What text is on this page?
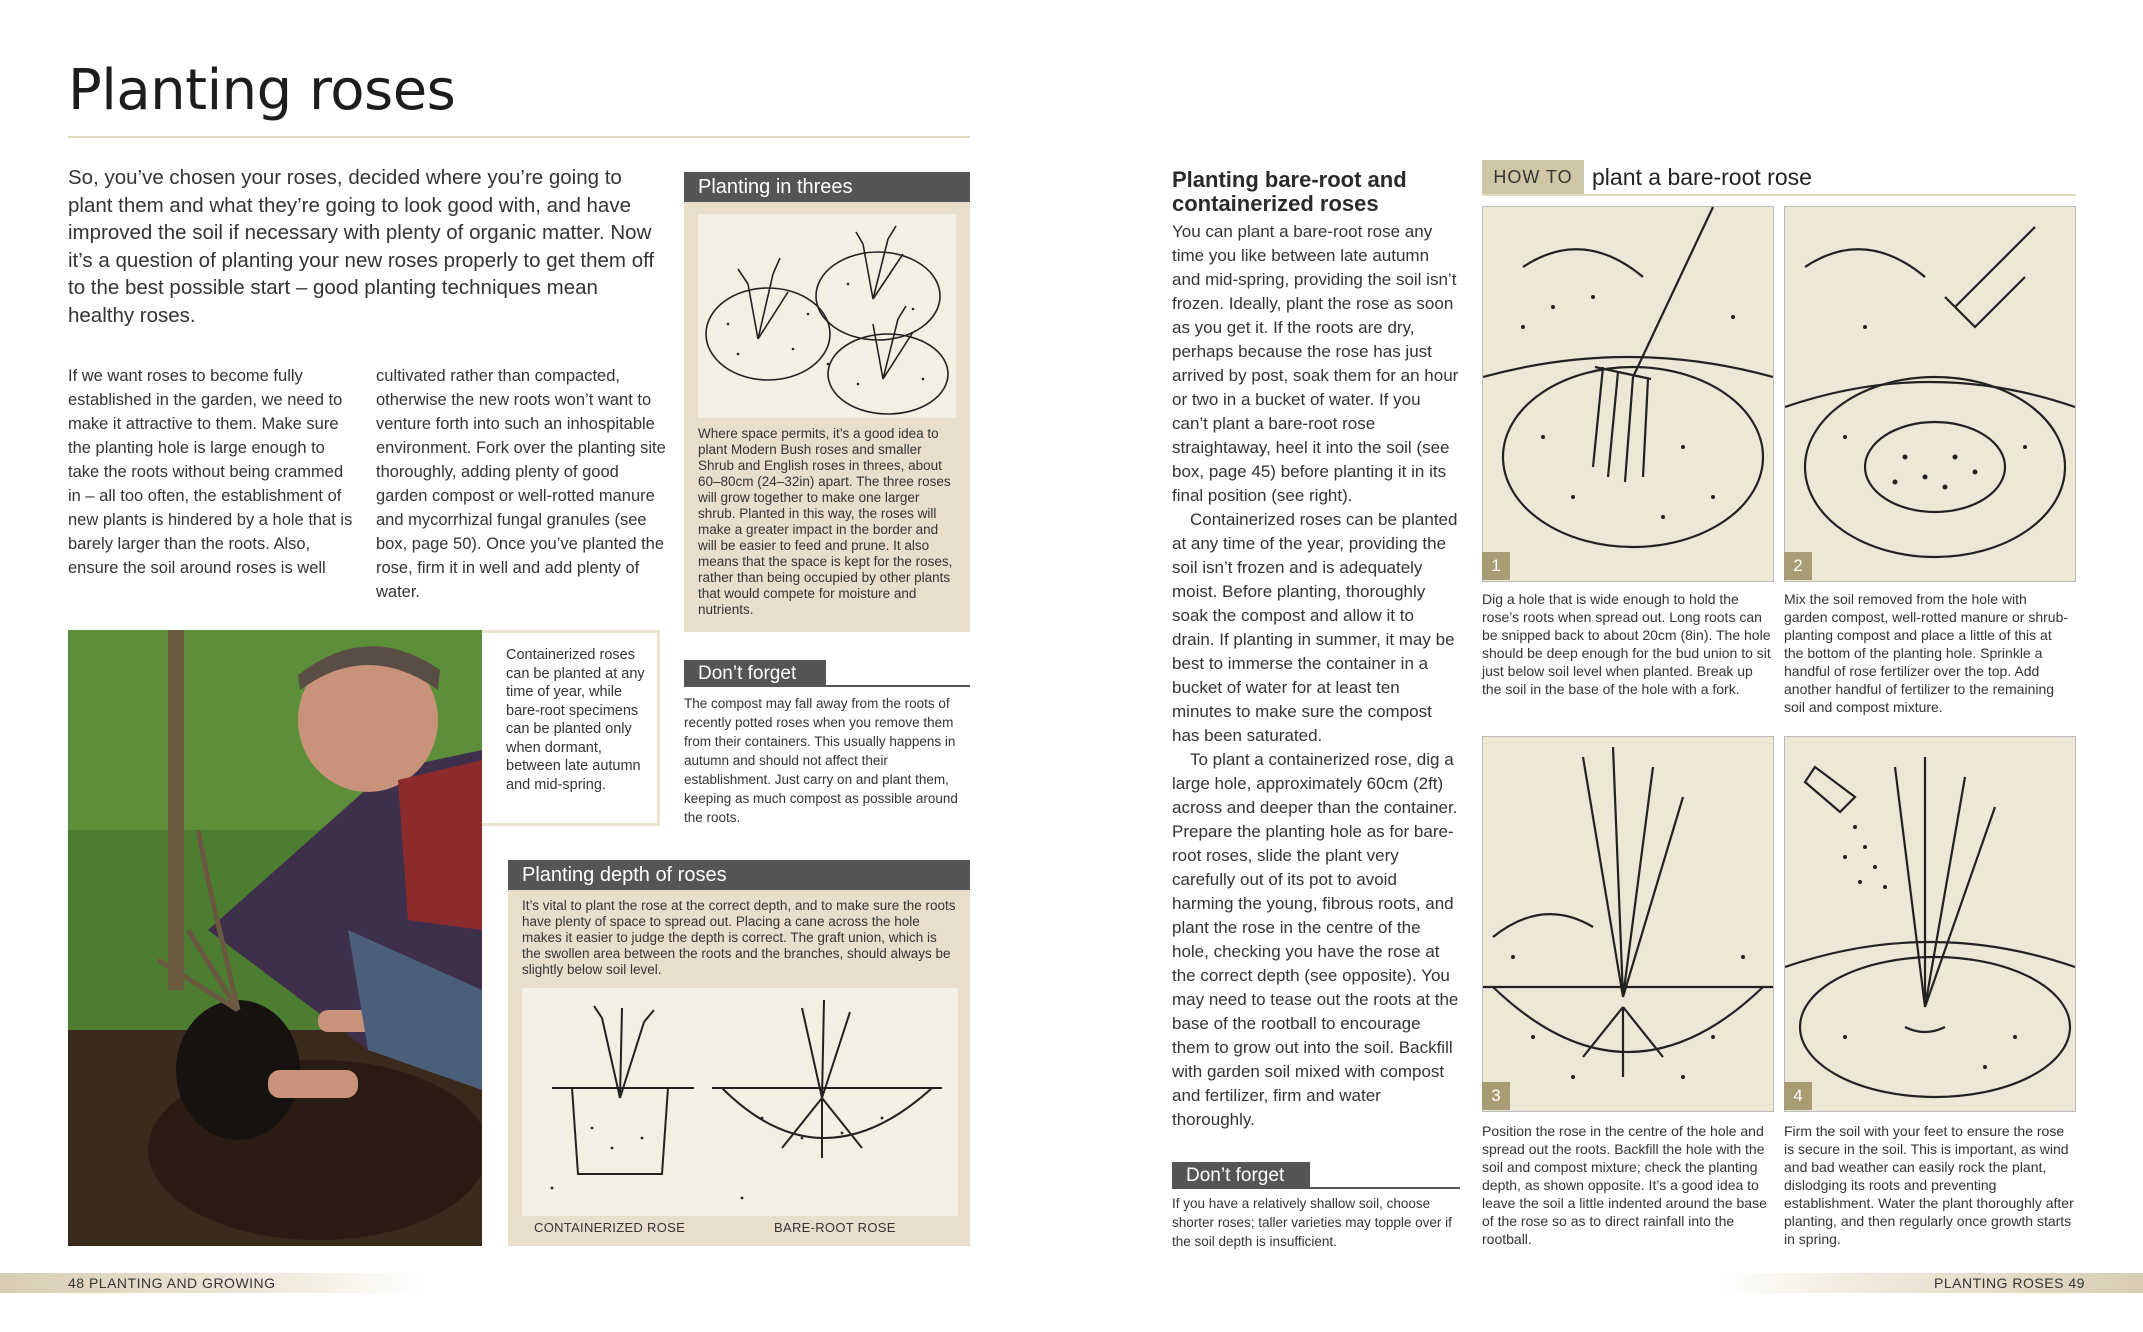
Planting roses

So, you’ve chosen your roses, decided where you’re going to plant them and what they’re going to look good with, and have improved the soil if necessary with plenty of organic matter. Now it’s a question of planting your new roses properly to get them off to the best possible start – good planting techniques mean healthy roses.

If we want roses to become fully established in the garden, we need to make it attractive to them. Make sure the planting hole is large enough to take the roots without being crammed in – all too often, the establishment of new plants is hindered by a hole that is barely larger than the roots. Also, ensure the soil around roses is well

cultivated rather than compacted, otherwise the new roots won’t want to venture forth into such an inhospitable environment. Fork over the planting site thoroughly, adding plenty of good garden compost or well-rotted manure and mycorrhizal fungal granules (see box, page 50). Once you’ve planted the rose, firm it in well and add plenty of water.

Planting in threes

Where space permits, it’s a good idea to plant Modern Bush roses and smaller Shrub and English roses in threes, about 60–80cm (24–32in) apart. The three roses will grow together to make one larger shrub. Planted in this way, the roses will make a greater impact in the border and will be easier to feed and prune. It also means that the space is kept for the roses, rather than being occupied by other plants that would compete for moisture and nutrients.

Don’t forget

The compost may fall away from the roots of recently potted roses when you remove them from their containers. This usually happens in autumn and should not affect their establishment. Just carry on and plant them, keeping as much compost as possible around the roots.

Containerized roses can be planted at any time of year, while bare-root specimens can be planted only when dormant, between late autumn and mid-spring.

Planting depth of roses

It’s vital to plant the rose at the correct depth, and to make sure the roots have plenty of space to spread out. Placing a cane across the hole makes it easier to judge the depth is correct. The graft union, which is the swollen area between the roots and the branches, should always be slightly below soil level.

CONTAINERIZED ROSE	BARE-ROOT ROSE
48 PLANTING AND GROWING
Planting bare-root and containerized roses

You can plant a bare-root rose any time you like between late autumn and mid-spring, providing the soil isn’t frozen. Ideally, plant the rose as soon as you get it. If the roots are dry, perhaps because the rose has just arrived by post, soak them for an hour or two in a bucket of water. If you can’t plant a bare-root rose straightaway, heel it into the soil (see box, page 45) before planting it in its final position (see right).

Containerized roses can be planted at any time of the year, providing the soil isn’t frozen and is adequately moist. Before planting, thoroughly soak the compost and allow it to drain. If planting in summer, it may be best to immerse the container in a bucket of water for at least ten minutes to make sure the compost has been saturated.

To plant a containerized rose, dig a large hole, approximately 60cm (2ft) across and deeper than the container. Prepare the planting hole as for bare-root roses, slide the plant very carefully out of its pot to avoid harming the young, fibrous roots, and plant the rose in the centre of the hole, checking you have the rose at the correct depth (see opposite). You may need to tease out the roots at the base of the rootball to encourage them to grow out into the soil. Backfill with garden soil mixed with compost and fertilizer, firm and water thoroughly.

Don’t forget

If you have a relatively shallow soil, choose shorter roses; taller varieties may topple over if the soil depth is insufficient.

HOW TO plant a bare-root rose
1

Dig a hole that is wide enough to hold the rose’s roots when spread out. Long roots can be snipped back to about 20cm (8in). The hole should be deep enough for the bud union to sit just below soil level when planted. Break up the soil in the base of the hole with a fork.

2

Mix the soil removed from the hole with garden compost, well-rotted manure or shrub-planting compost and place a little of this at the bottom of the planting hole. Sprinkle a handful of rose fertilizer over the top. Add another handful of fertilizer to the remaining soil and compost mixture.

3

Position the rose in the centre of the hole and spread out the roots. Backfill the hole with the soil and compost mixture; check the planting depth, as shown opposite. It’s a good idea to leave the soil a little indented around the base of the rose so as to direct rainfall into the rootball.

4

Firm the soil with your feet to ensure the rose is secure in the soil. This is important, as wind and bad weather can easily rock the plant, dislodging its roots and preventing establishment. Water the plant thoroughly after planting, and then regularly once growth starts in spring.

PLANTING ROSES 49
